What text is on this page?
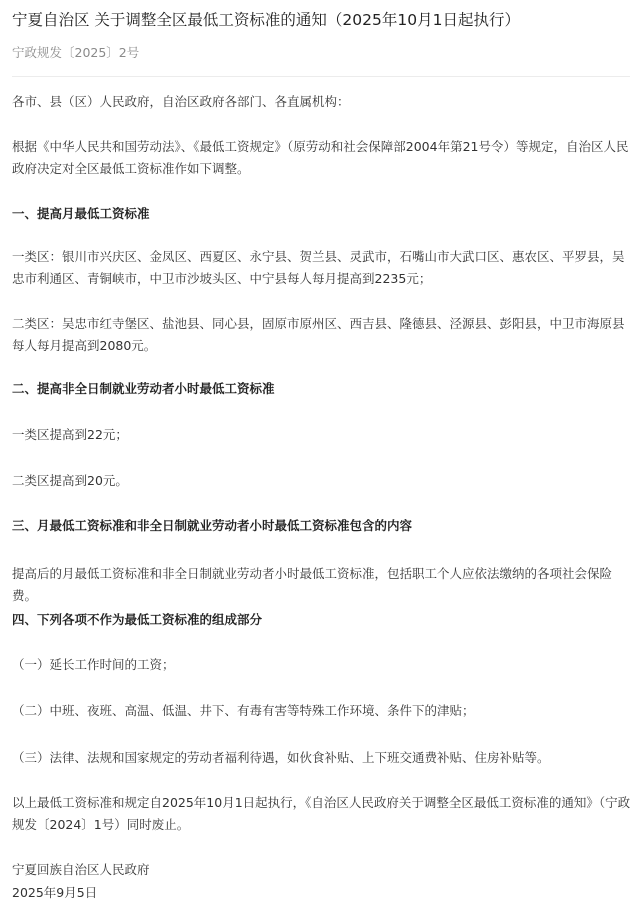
宁夏自治区 关于调整全区最低工资标准的通知（2025年10月1日起执行）
宁政规发〔2025〕2号

各市、县（区）人民政府，自治区政府各部门、各直属机构：

根据《中华人民共和国劳动法》、《最低工资规定》（原劳动和社会保障部2004年第21号令）等规定，自治区人民政府决定对全区最低工资标准作如下调整。

一、提高月最低工资标准

一类区：银川市兴庆区、金凤区、西夏区、永宁县、贺兰县、灵武市，石嘴山市大武口区、惠农区、平罗县，吴忠市利通区、青铜峡市，中卫市沙坡头区、中宁县每人每月提高到2235元；

二类区：吴忠市红寺堡区、盐池县、同心县，固原市原州区、西吉县、隆德县、泾源县、彭阳县，中卫市海原县每人每月提高到2080元。

二、提高非全日制就业劳动者小时最低工资标准

一类区提高到22元；

二类区提高到20元。

三、月最低工资标准和非全日制就业劳动者小时最低工资标准包含的内容

提高后的月最低工资标准和非全日制就业劳动者小时最低工资标准，包括职工个人应依法缴纳的各项社会保险费。

四、下列各项不作为最低工资标准的组成部分

（一）延长工作时间的工资；

（二）中班、夜班、高温、低温、井下、有毒有害等特殊工作环境、条件下的津贴；

（三）法律、法规和国家规定的劳动者福利待遇，如伙食补贴、上下班交通费补贴、住房补贴等。

以上最低工资标准和规定自2025年10月1日起执行，《自治区人民政府关于调整全区最低工资标准的通知》（宁政规发〔2024〕1号）同时废止。

宁夏回族自治区人民政府

2025年9月5日
